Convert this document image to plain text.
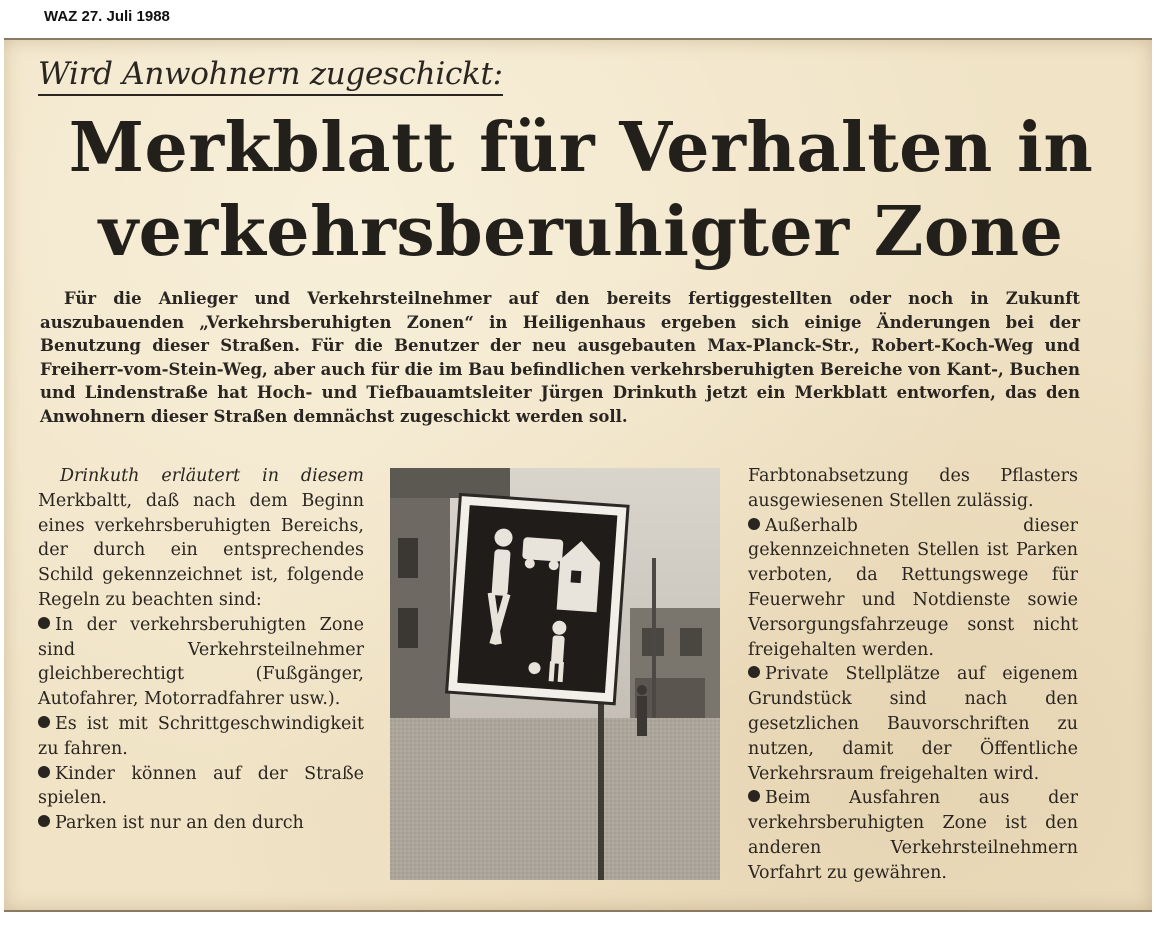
WAZ 27. Juli 1988
Wird Anwohnern zugeschickt:
Merkblatt für Verhalten in verkehrsberuhigter Zone
Für die Anlieger und Verkehrsteilnehmer auf den bereits fertiggestellten oder noch in Zukunft auszubauenden „Verkehrsberuhigten Zonen“ in Heiligenhaus ergeben sich einige Änderungen bei der Benutzung dieser Straßen. Für die Benutzer der neu ausgebauten Max-Planck-Str., Robert-Koch-Weg und Freiherr-vom-Stein-Weg, aber auch für die im Bau befindlichen verkehrsberuhigten Bereiche von Kant-, Buchen und Lindenstraße hat Hoch- und Tiefbauamtsleiter Jürgen Drinkuth jetzt ein Merkblatt entworfen, das den Anwohnern dieser Straßen demnächst zugeschickt werden soll.

Drinkuth erläutert in diesem Merkbaltt, daß nach dem Beginn eines verkehrsberuhigten Bereichs, der durch ein entsprechendes Schild gekennzeichnet ist, folgende Regeln zu beachten sind:

In der verkehrsberuhigten Zone sind Verkehrsteilnehmer gleichberechtigt (Fußgänger, Autofahrer, Motorradfahrer usw.).

Es ist mit Schrittgeschwindigkeit zu fahren.

Kinder können auf der Straße spielen.

Parken ist nur an den durch

Farbtonabsetzung des Pflasters ausgewiesenen Stellen zulässig.

Außerhalb dieser gekennzeichneten Stellen ist Parken verboten, da Rettungswege für Feuerwehr und Notdienste sowie Versorgungsfahrzeuge sonst nicht freigehalten werden.

Private Stellplätze auf eigenem Grundstück sind nach den gesetzlichen Bauvorschriften zu nutzen, damit der Öffentliche Verkehrsraum freigehalten wird.

Beim Ausfahren aus der verkehrsberuhigten Zone ist den anderen Verkehrsteilnehmern Vorfahrt zu gewähren.
